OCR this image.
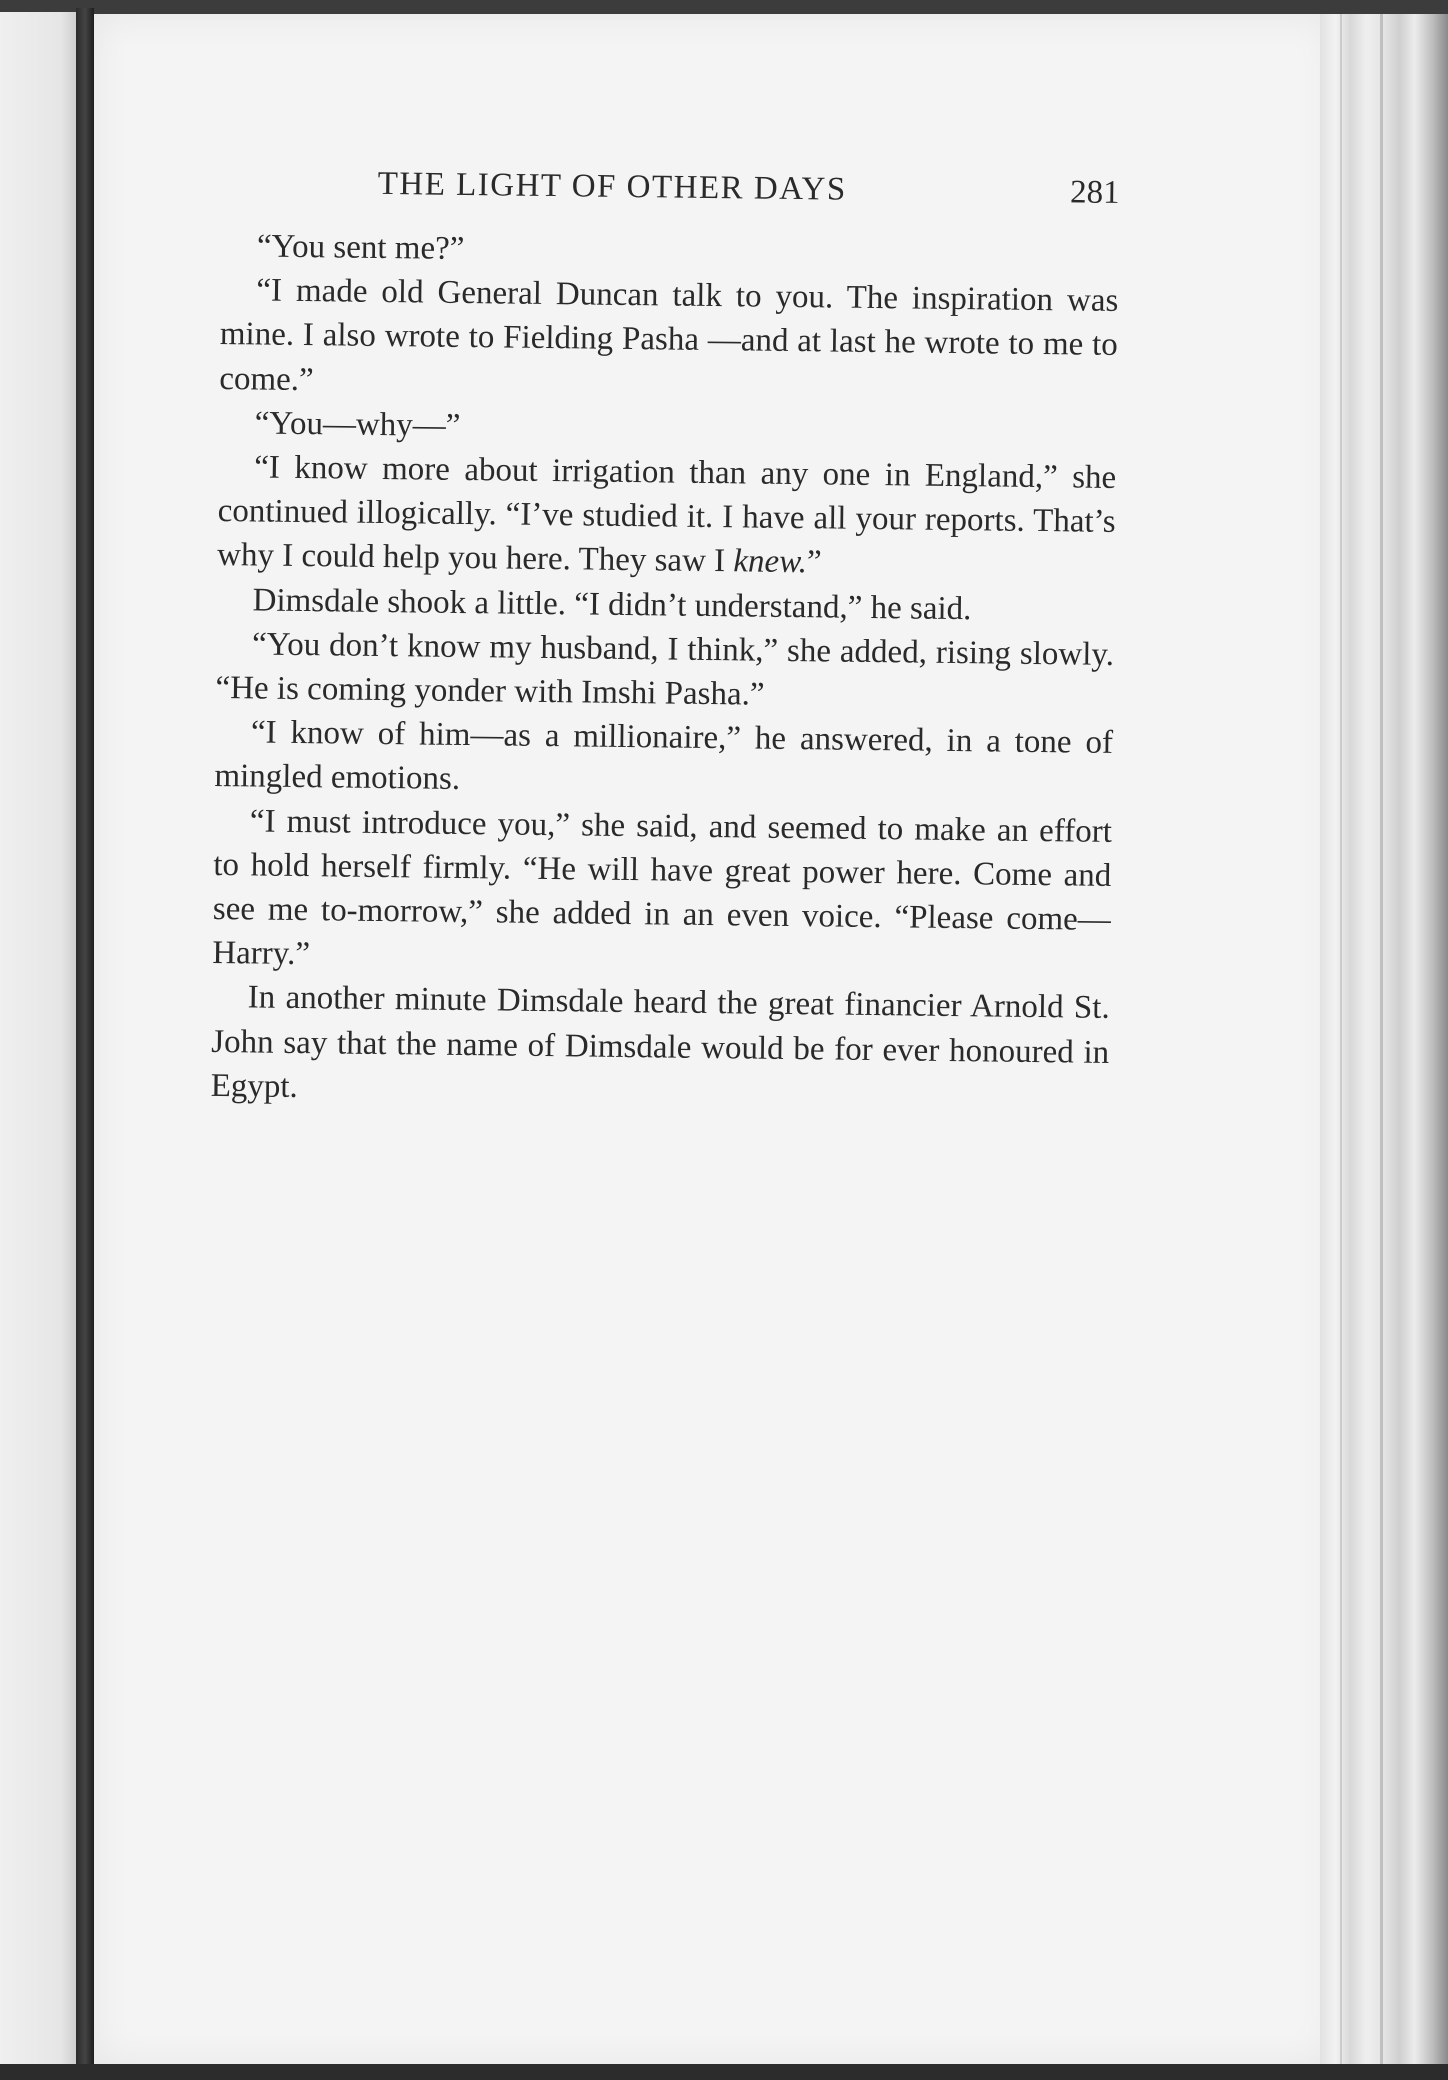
THE LIGHT OF OTHER DAYS	281

“You sent me?”

“I made old General Duncan talk to you. The inspiration was mine. I also wrote to Fielding Pasha —and at last he wrote to me to come.”

“You—why—”

“I know more about irrigation than any one in England,” she continued illogically. “I’ve studied it. I have all your reports. That’s why I could help you here. They saw I knew.”

Dimsdale shook a little. “I didn’t understand,” he said.

“You don’t know my husband, I think,” she added, rising slowly. “He is coming yonder with Imshi Pasha.”

“I know of him—as a millionaire,” he answered, in a tone of mingled emotions.

“I must introduce you,” she said, and seemed to make an effort to hold herself firmly. “He will have great power here. Come and see me to-morrow,” she added in an even voice. “Please come—Harry.”

In another minute Dimsdale heard the great financier Arnold St. John say that the name of Dimsdale would be for ever honoured in Egypt.
